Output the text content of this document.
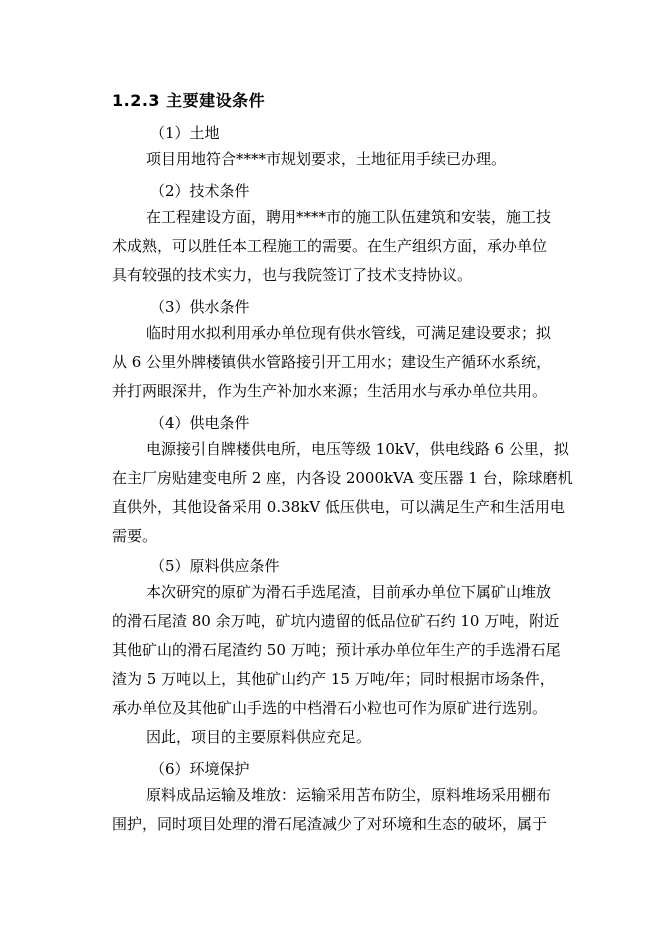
1.2.3 主要建设条件
（1）土地
项目用地符合****市规划要求，土地征用手续已办理。
（2）技术条件
在工程建设方面，聘用****市的施工队伍建筑和安装，施工技
术成熟，可以胜任本工程施工的需要。在生产组织方面，承办单位
具有较强的技术实力，也与我院签订了技术支持协议。
（3）供水条件
临时用水拟利用承办单位现有供水管线，可满足建设要求；拟
从 6 公里外牌楼镇供水管路接引开工用水；建设生产循环水系统，
并打两眼深井，作为生产补加水来源；生活用水与承办单位共用。
（4）供电条件
电源接引自牌楼供电所，电压等级 10kV，供电线路 6 公里，拟
在主厂房贴建变电所 2 座，内各设 2000kVA 变压器 1 台，除球磨机
直供外，其他设备采用 0.38kV 低压供电，可以满足生产和生活用电
需要。
（5）原料供应条件
本次研究的原矿为滑石手选尾渣，目前承办单位下属矿山堆放
的滑石尾渣 80 余万吨，矿坑内遗留的低品位矿石约 10 万吨，附近
其他矿山的滑石尾渣约 50 万吨；预计承办单位年生产的手选滑石尾
渣为 5 万吨以上，其他矿山约产 15 万吨/年；同时根据市场条件，
承办单位及其他矿山手选的中档滑石小粒也可作为原矿进行选别。
因此，项目的主要原料供应充足。
（6）环境保护
原料成品运输及堆放：运输采用苫布防尘，原料堆场采用棚布
围护，同时项目处理的滑石尾渣减少了对环境和生态的破坏，属于
